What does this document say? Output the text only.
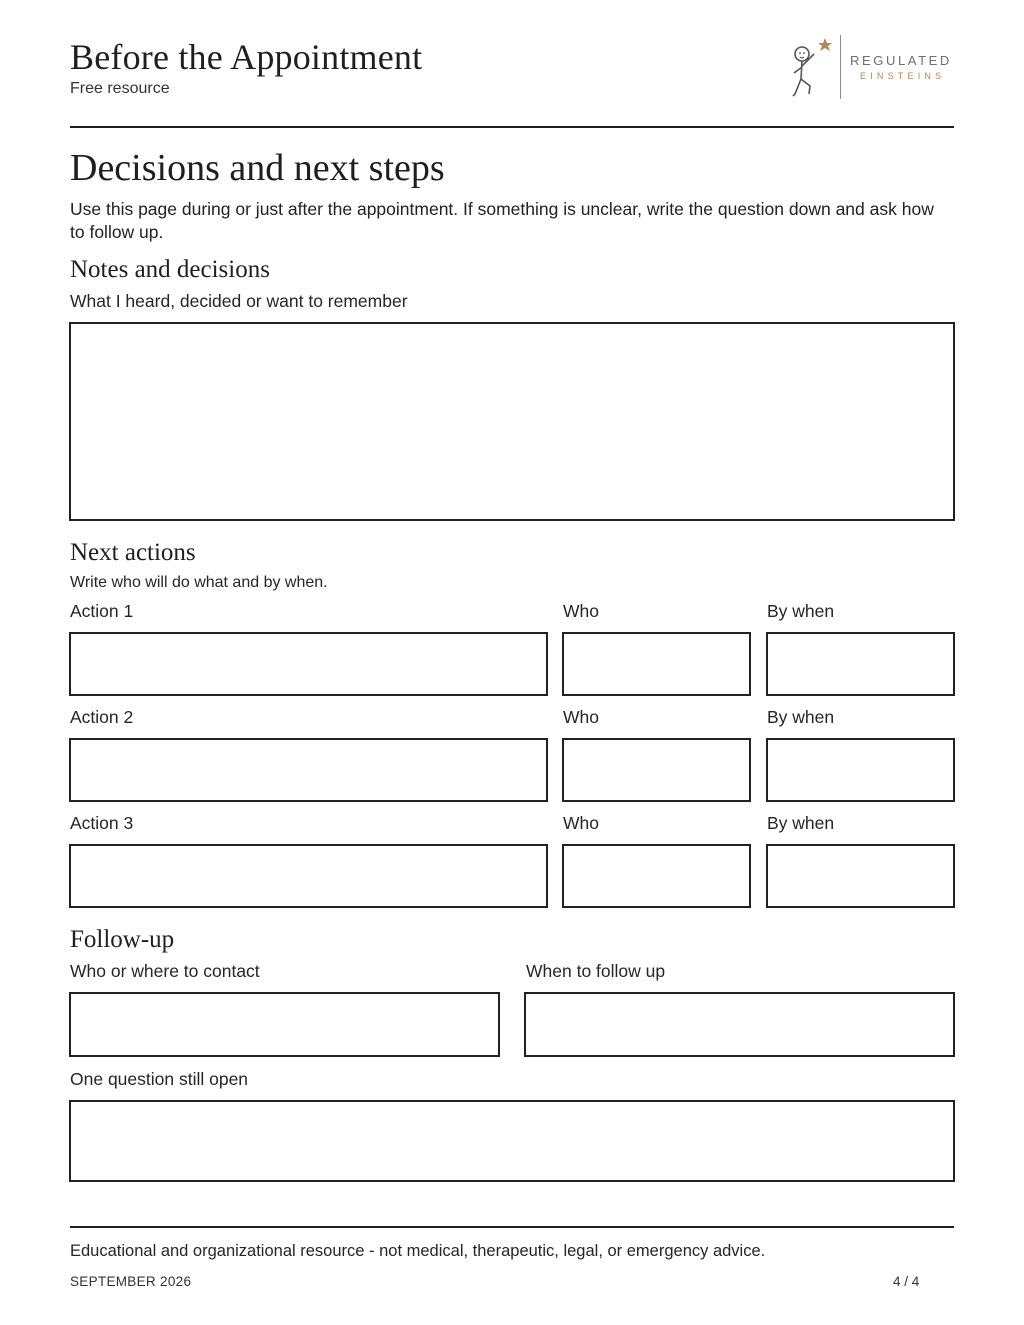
Before the Appointment
Free resource
REGULATED
EINSTEINS
Decisions and next steps
Use this page during or just after the appointment. If something is unclear, write the question down and ask how to follow up.
Notes and decisions
What I heard, decided or want to remember
Next actions
Write who will do what and by when.
Action 1	Who	By when
Action 2	Who	By when
Action 3	Who	By when
Follow-up
Who or where to contact	When to follow up
One question still open
Educational and organizational resource - not medical, therapeutic, legal, or emergency advice.
SEPTEMBER 2026	4 / 4
